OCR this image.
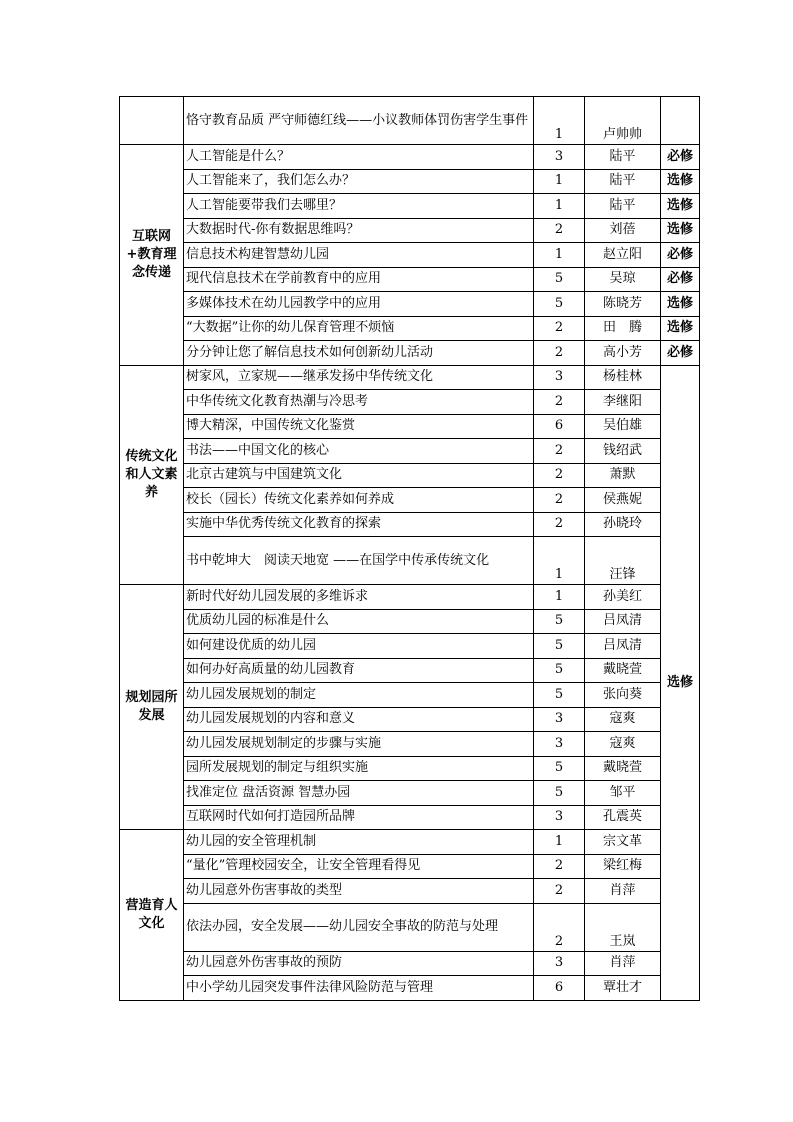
	恪守教育品质 严守师德红线——小议教师体罚伤害学生事件	1	卢帅帅	
互联网+教育理念传递	人工智能是什么？	3	陆平	必修
	人工智能来了，我们怎么办？	1	陆平	选修
	人工智能要带我们去哪里？	1	陆平	选修
	大数据时代-你有数据思维吗？	2	刘蓓	选修
	信息技术构建智慧幼儿园	1	赵立阳	必修
	现代信息技术在学前教育中的应用	5	吴琼	必修
	多媒体技术在幼儿园教学中的应用	5	陈晓芳	选修
	“大数据”让你的幼儿保育管理不烦恼	2	田　腾	选修
	分分钟让您了解信息技术如何创新幼儿活动	2	高小芳	必修
传统文化和人文素养	树家风，立家规——继承发扬中华传统文化	3	杨桂林	选修
	中华传统文化教育热潮与冷思考	2	李继阳	
	博大精深，中国传统文化鉴赏	6	吴伯雄	
	书法——中国文化的核心	2	钱绍武	
	北京古建筑与中国建筑文化	2	萧默	
	校长（园长）传统文化素养如何养成	2	侯燕妮	
	实施中华优秀传统文化教育的探索	2	孙晓玲	
	书中乾坤大　阅读天地宽 ——在国学中传承传统文化	1	汪锋	
规划园所发展	新时代好幼儿园发展的多维诉求	1	孙美红	
	优质幼儿园的标准是什么	5	吕凤清	
	如何建设优质的幼儿园	5	吕凤清	
	如何办好高质量的幼儿园教育	5	戴晓萱	
	幼儿园发展规划的制定	5	张向葵	
	幼儿园发展规划的内容和意义	3	寇爽	
	幼儿园发展规划制定的步骤与实施	3	寇爽	
	园所发展规划的制定与组织实施	5	戴晓萱	
	找准定位 盘活资源 智慧办园	5	邹平	
	互联网时代如何打造园所品牌	3	孔震英	
营造育人文化	幼儿园的安全管理机制	1	宗文革	
	“量化”管理校园安全，让安全管理看得见	2	梁红梅	
	幼儿园意外伤害事故的类型	2	肖萍	
	依法办园，安全发展——幼儿园安全事故的防范与处理	2	王岚	
	幼儿园意外伤害事故的预防	3	肖萍	
	中小学幼儿园突发事件法律风险防范与管理	6	覃壮才	
